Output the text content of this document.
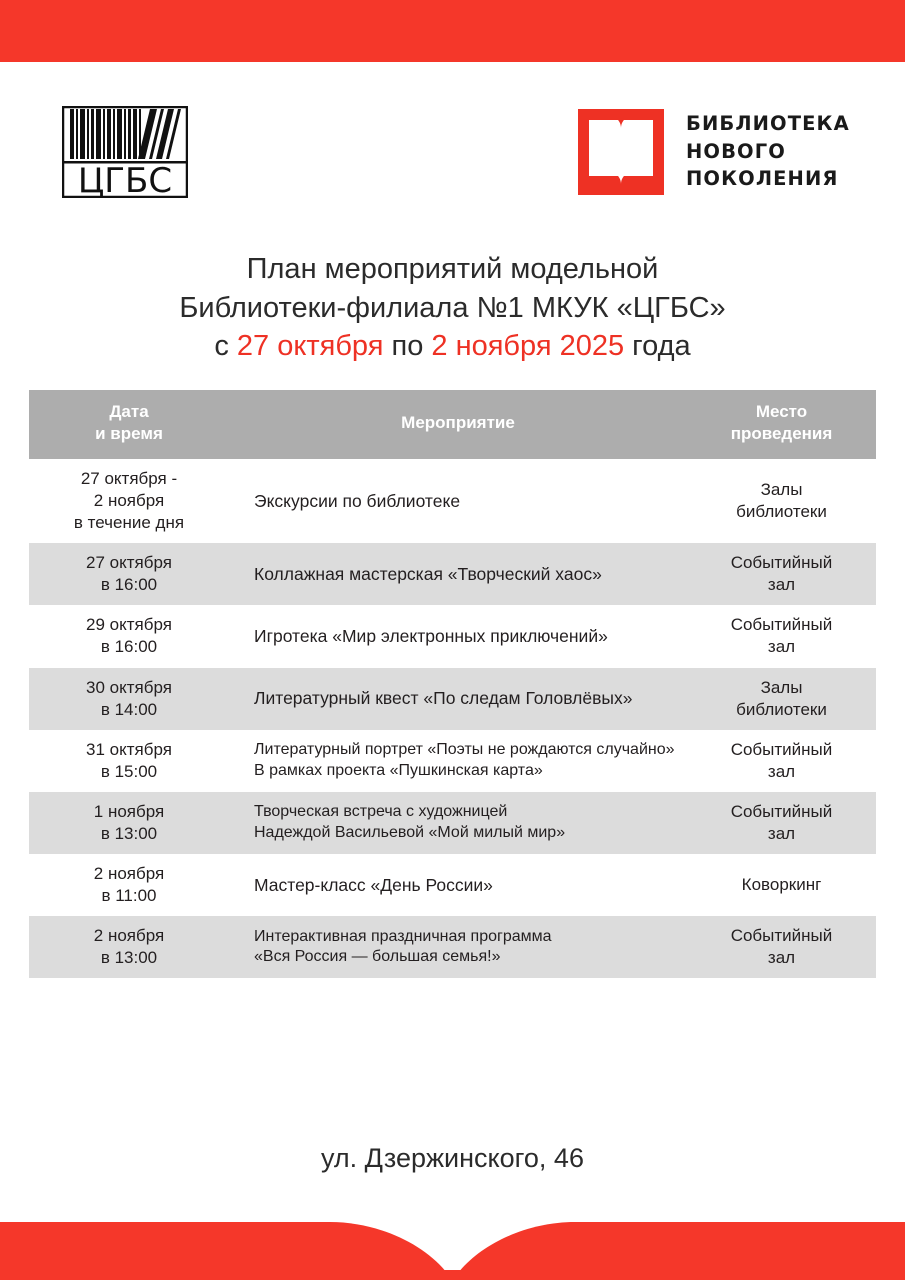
ЦГБС
БИБЛИОТЕКА
НОВОГО
ПОКОЛЕНИЯ
План мероприятий модельной
Библиотеки-филиала №1 МКУК «ЦГБС»
с 27 октября по 2 ноября 2025 года
Дата
и время	Мероприятие	Место
проведения

27 октября -
2 ноября
в течение дня	Экскурсии по библиотеке	Залы
библиотеки

27 октября
в 16:00	Коллажная мастерская «Творческий хаос»	Событийный
зал

29 октября
в 16:00	Игротека «Мир электронных приключений»	Событийный
зал

30 октября
в 14:00	Литературный квест «По следам Головлёвых»	Залы
библиотеки

31 октября
в 15:00	Литературный портрет «Поэты не рождаются случайно»
В рамках проекта «Пушкинская карта»	Событийный
зал

1 ноября
в 13:00	Творческая встреча с художницей
Надеждой Васильевой «Мой милый мир»	Событийный
зал

2 ноября
в 11:00	Мастер-класс «День России»	Коворкинг

2 ноября
в 13:00	Интерактивная праздничная программа
«Вся Россия — большая семья!»	Событийный
зал
ул. Дзержинского, 46
